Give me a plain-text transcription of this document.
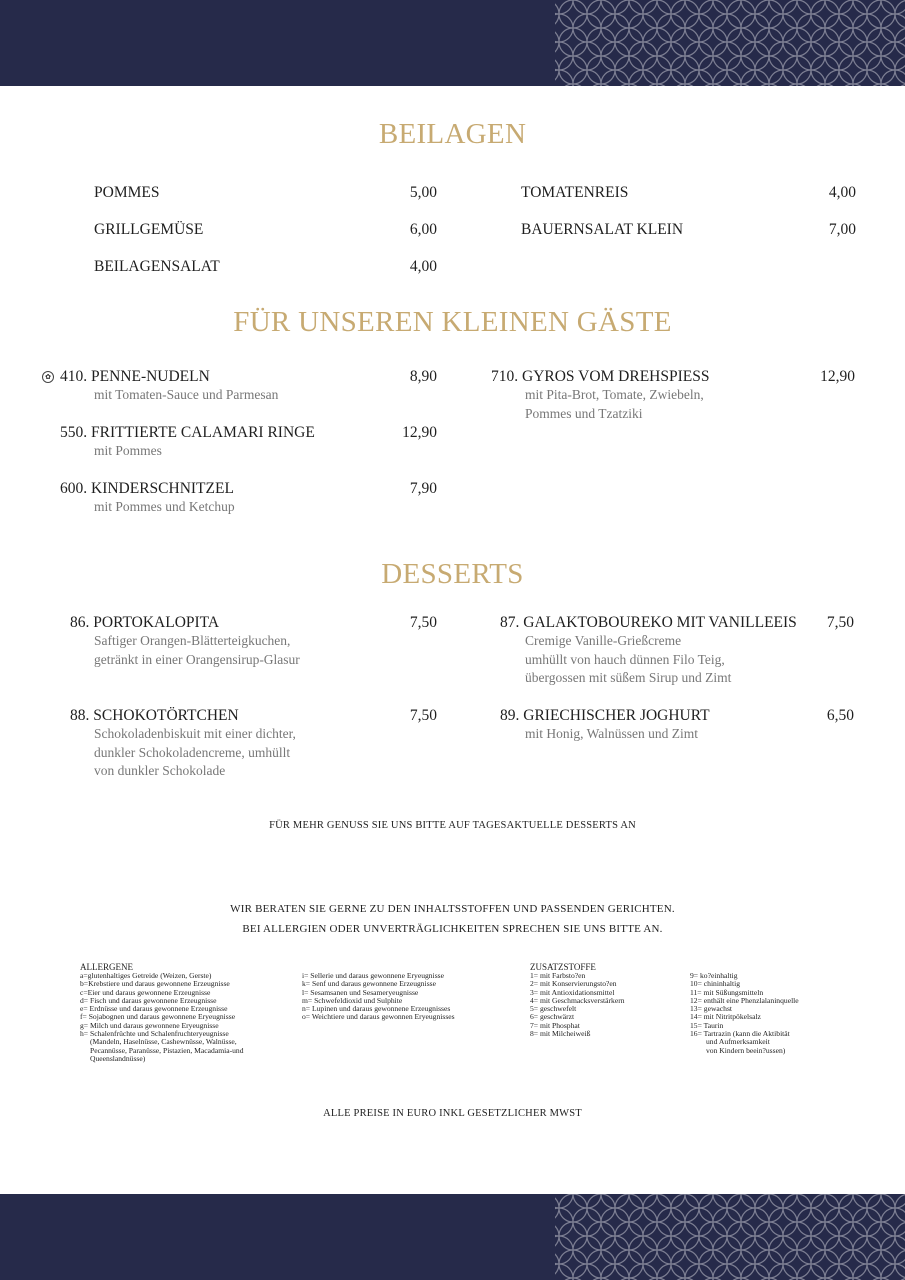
BEILAGEN
POMMES	5,00
GRILLGEMÜSE	6,00
BEILAGENSALAT	4,00
TOMATENREIS	4,00
BAUERNSALAT KLEIN	7,00
FÜR UNSEREN KLEINEN GÄSTE
✿ 410. PENNE-NUDELN
mit Tomaten-Sauce und Parmesan
8,90
550. FRITTIERTE CALAMARI RINGE
mit Pommes
12,90
600. KINDERSCHNITZEL
mit Pommes und Ketchup
7,90
710. GYROS VOM DREHSPIESS
mit Pita-Brot, Tomate, Zwiebeln,
Pommes und Tzatziki
12,90
DESSERTS
86. PORTOKALOPITA
Saftiger Orangen-Blätterteigkuchen,
getränkt in einer Orangensirup-Glasur
7,50
88. SCHOKOTÖRTCHEN
Schokoladenbiskuit mit einer dichter,
dunkler Schokoladencreme, umhüllt
von dunkler Schokolade
7,50
87. GALAKTOBOUREKO MIT VANILLEEIS
Cremige Vanille-Grießcreme
umhüllt von hauch dünnen Filo Teig,
übergossen mit süßem Sirup und Zimt
7,50
89. GRIECHISCHER JOGHURT
mit Honig, Walnüssen und Zimt
6,50
FÜR MEHR GENUSS SIE UNS BITTE AUF TAGESAKTUELLE DESSERTS AN
WIR BERATEN SIE GERNE ZU DEN INHALTSSTOFFEN UND PASSENDEN GERICHTEN.
BEI ALLERGIEN ODER UNVERTRÄGLICHKEITEN SPRECHEN SIE UNS BITTE AN.
ALLERGENE
a=glutenhaltiges Getreide (Weizen, Gerste)
b=Krebstiere und daraus gewonnene Erzeugnisse
c=Eier und daraus gewonnene Erzeugnisse
d= Fisch und daraus gewonnene Erzeugnisse
e= Erdnüsse und daraus gewonnene Erzeugnisse
f= Sojabognen und daraus gewonnene Eryeugnisse
g= Milch und daraus gewonnene Eryeugnisse
h= Schalenfrüchte und Schalenfruchteryeugnisse
(Mandeln, Haselnüsse, Cashewnüsse, Walnüsse,
Pecannüsse, Paranüsse, Pistazien, Macadamia-und
Queenslandnüsse)
i= Sellerie und daraus gewonnene Eryeugnisse
k= Senf und daraus gewonnene Erzeugnisse
l= Sesamsanen und Sesameryeugnisse
m= Schwefeldioxid und Sulphite
n= Lupinen und daraus gewonnene Erzeugnisses
o= Weichtiere und daraus gewonnen Eryeugnisses
ZUSATZSTOFFE
1= mit Farbsto?en
2= mit Konservierungsto?en
3= mit Antioxidationsmittel
4= mit Geschmacksverstärkern
5= geschwefelt
6= geschwärzt
7= mit Phosphat
8= mit Milcheiweiß
9= ko?einhaltig
10= chininhaltig
11= mit Süßungsmitteln
12= enthält eine Phenzlalaninquelle
13= gewachst
14= mit Nitritpökelsalz
15= Taurin
16= Tartrazin (kann die Aktibität
und Aufmerksamkeit
von Kindern beein?ussen)
ALLE PREISE IN EURO INKL GESETZLICHER MWST
